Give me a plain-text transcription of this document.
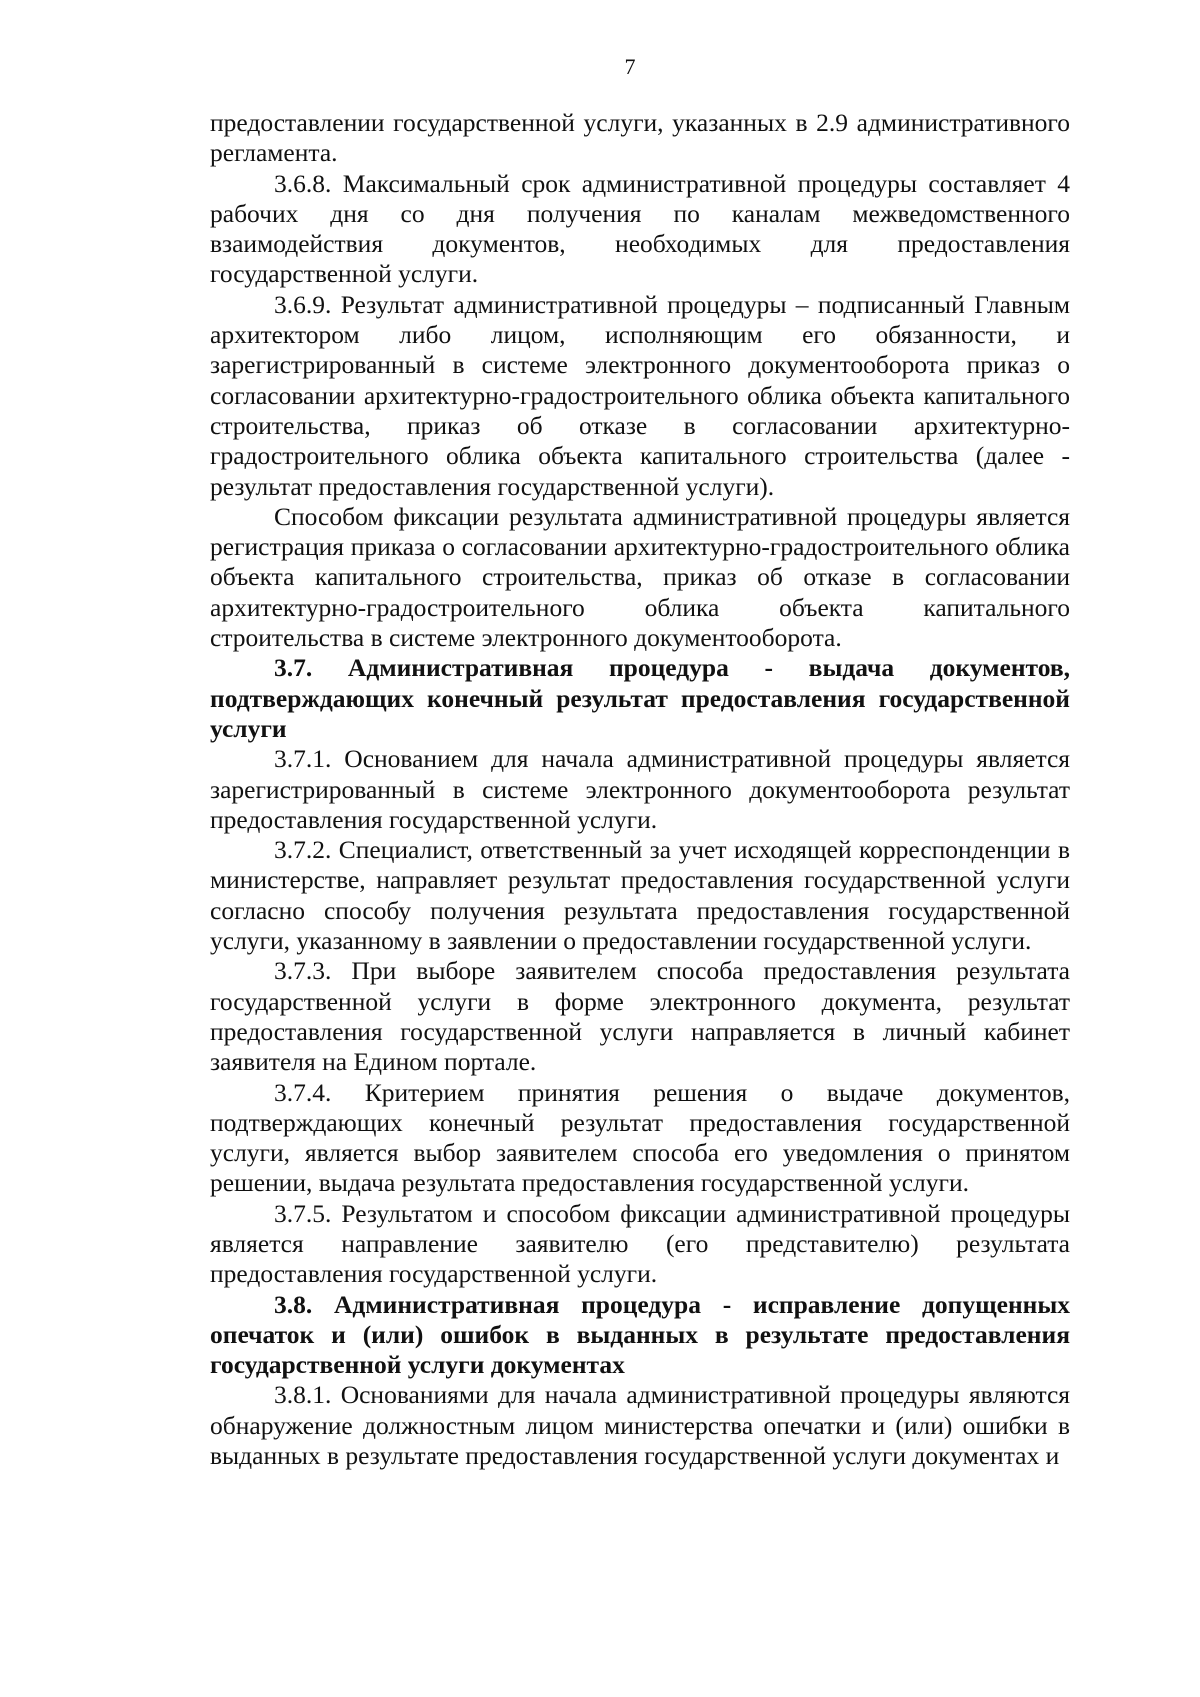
7

предоставлении государственной услуги, указанных в 2.9 административного регламента.

3.6.8. Максимальный срок административной процедуры составляет 4 рабочих дня со дня получения по каналам межведомственного взаимодействия документов, необходимых для предоставления государственной услуги.

3.6.9. Результат административной процедуры – подписанный Главным архитектором либо лицом, исполняющим его обязанности, и зарегистрированный в системе электронного документооборота приказ о согласовании архитектурно-градостроительного облика объекта капитального строительства, приказ об отказе в согласовании архитектурно-градостроительного облика объекта капитального строительства (далее - результат предоставления государственной услуги).

Способом фиксации результата административной процедуры является регистрация приказа о согласовании архитектурно-градостроительного облика объекта капитального строительства, приказ об отказе в согласовании архитектурно-градостроительного облика объекта капитального строительства в системе электронного документооборота.

3.7. Административная процедура - выдача документов, подтверждающих конечный результат предоставления государственной услуги

3.7.1. Основанием для начала административной процедуры является зарегистрированный в системе электронного документооборота результат предоставления государственной услуги.

3.7.2. Специалист, ответственный за учет исходящей корреспонденции в министерстве, направляет результат предоставления государственной услуги согласно способу получения результата предоставления государственной услуги, указанному в заявлении о предоставлении государственной услуги.

3.7.3. При выборе заявителем способа предоставления результата государственной услуги в форме электронного документа, результат предоставления государственной услуги направляется в личный кабинет заявителя на Едином портале.

3.7.4. Критерием принятия решения о выдаче документов, подтверждающих конечный результат предоставления государственной услуги, является выбор заявителем способа его уведомления о принятом решении, выдача результата предоставления государственной услуги.

3.7.5. Результатом и способом фиксации административной процедуры является направление заявителю (его представителю) результата предоставления государственной услуги.

3.8. Административная процедура - исправление допущенных опечаток и (или) ошибок в выданных в результате предоставления государственной услуги документах

3.8.1. Основаниями для начала административной процедуры являются обнаружение должностным лицом министерства опечатки и (или) ошибки в выданных в результате предоставления государственной услуги документах и
